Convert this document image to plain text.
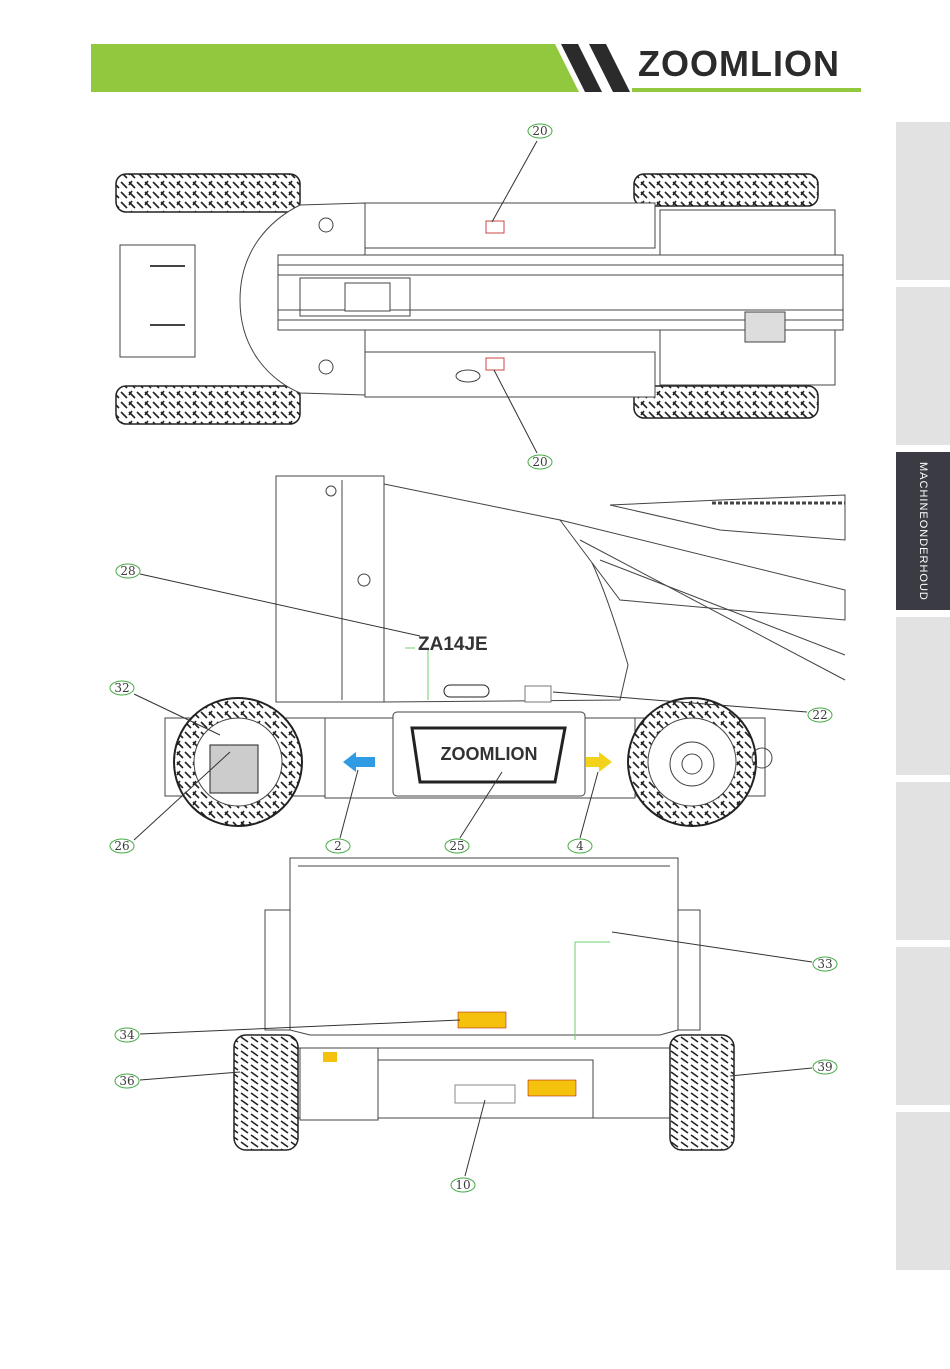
ZOOMLION
MACHINEONDERHOUD
20
20
ZA14JE
ZOOMLION
28
32
22
26	2	25	4
33
34
36
39
10
